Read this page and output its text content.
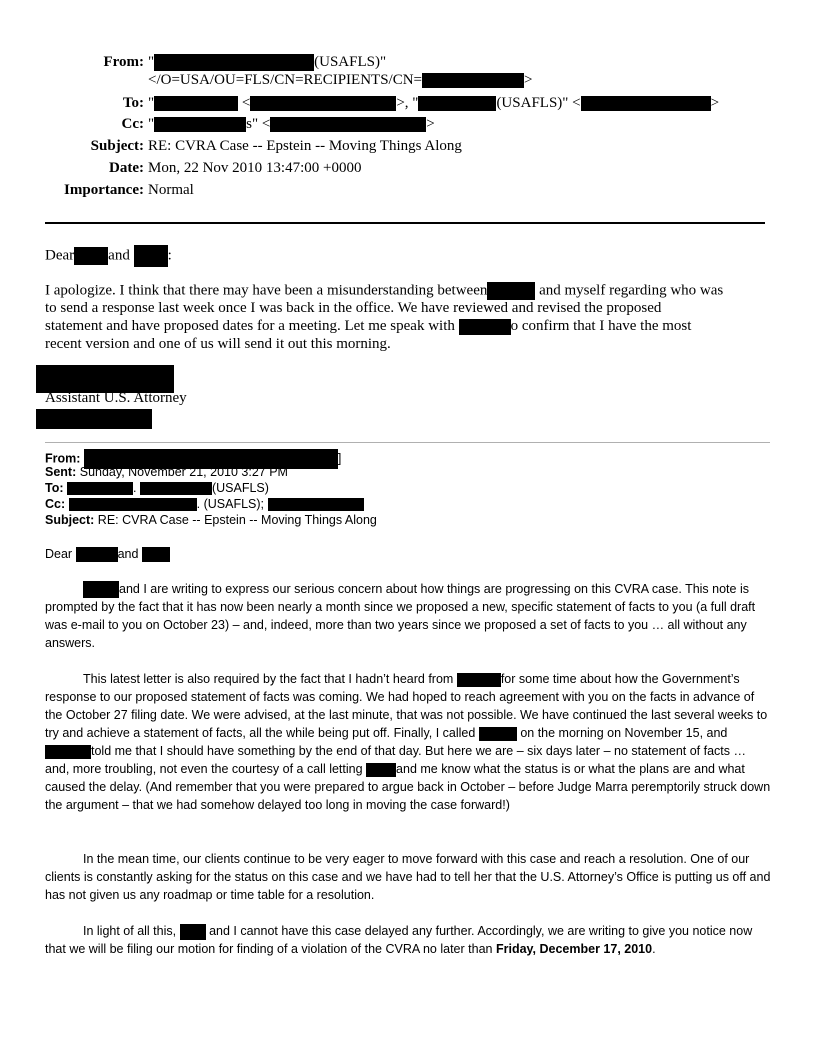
From: "	(USAFLS)"
</O=USA/OU=FLS/CN=RECIPIENTS/CN=	>
To: "	<	>, "	(USAFLS)" <	>
Cc: "	s" <	>
Subject: RE: CVRA Case -- Epstein -- Moving Things Along
Date: Mon, 22 Nov 2010 13:47:00 +0000
Importance: Normal
Dear and	:
I apologize. I think that there may have been a misunderstanding between	and myself regarding who was
to send a response last week once I was back in the office. We have reviewed and revised the proposed
statement and have proposed dates for a meeting. Let me speak with	o confirm that I have the most
recent version and one of us will send it out this morning.
Assistant U.S. Attorney
From:	]
Sent: Sunday, November 21, 2010 3:27 PM
To:	.	(USAFLS)
Cc:	. (USAFLS);
Subject: RE: CVRA Case -- Epstein -- Moving Things Along
Dear	and

and I are writing to express our serious concern about how things are progressing on this CVRA case. This note is prompted by the fact that it has now been nearly a month since we proposed a new, specific statement of facts to you (a full draft was e-mail to you on October 23) – and, indeed, more than two years since we proposed a set of facts to you … all without any answers.

This latest letter is also required by the fact that I hadn’t heard from	for some time about how the Government’s response to our proposed statement of facts was coming. We had hoped to reach agreement with you on the facts in advance of the October 27 filing date. We were advised, at the last minute, that was not possible. We have continued the last several weeks to try and achieve a statement of facts, all the while being put off. Finally, I called	on the morning on November 15, and told me that I should have something by the end of that day. But here we are – six days later – no statement of facts … and, more troubling, not even the courtesy of a call letting	and me know what the status is or what the plans are and what caused the delay. (And remember that you were prepared to argue back in October – before Judge Marra peremptorily struck down the argument – that we had somehow delayed too long in moving the case forward!)

In the mean time, our clients continue to be very eager to move forward with this case and reach a resolution. One of our clients is constantly asking for the status on this case and we have had to tell her that the U.S. Attorney’s Office is putting us off and has not given us any roadmap or time table for a resolution.

In light of all this,	and I cannot have this case delayed any further. Accordingly, we are writing to give you notice now that we will be filing our motion for finding of a violation of the CVRA no later than Friday, December 17, 2010.
